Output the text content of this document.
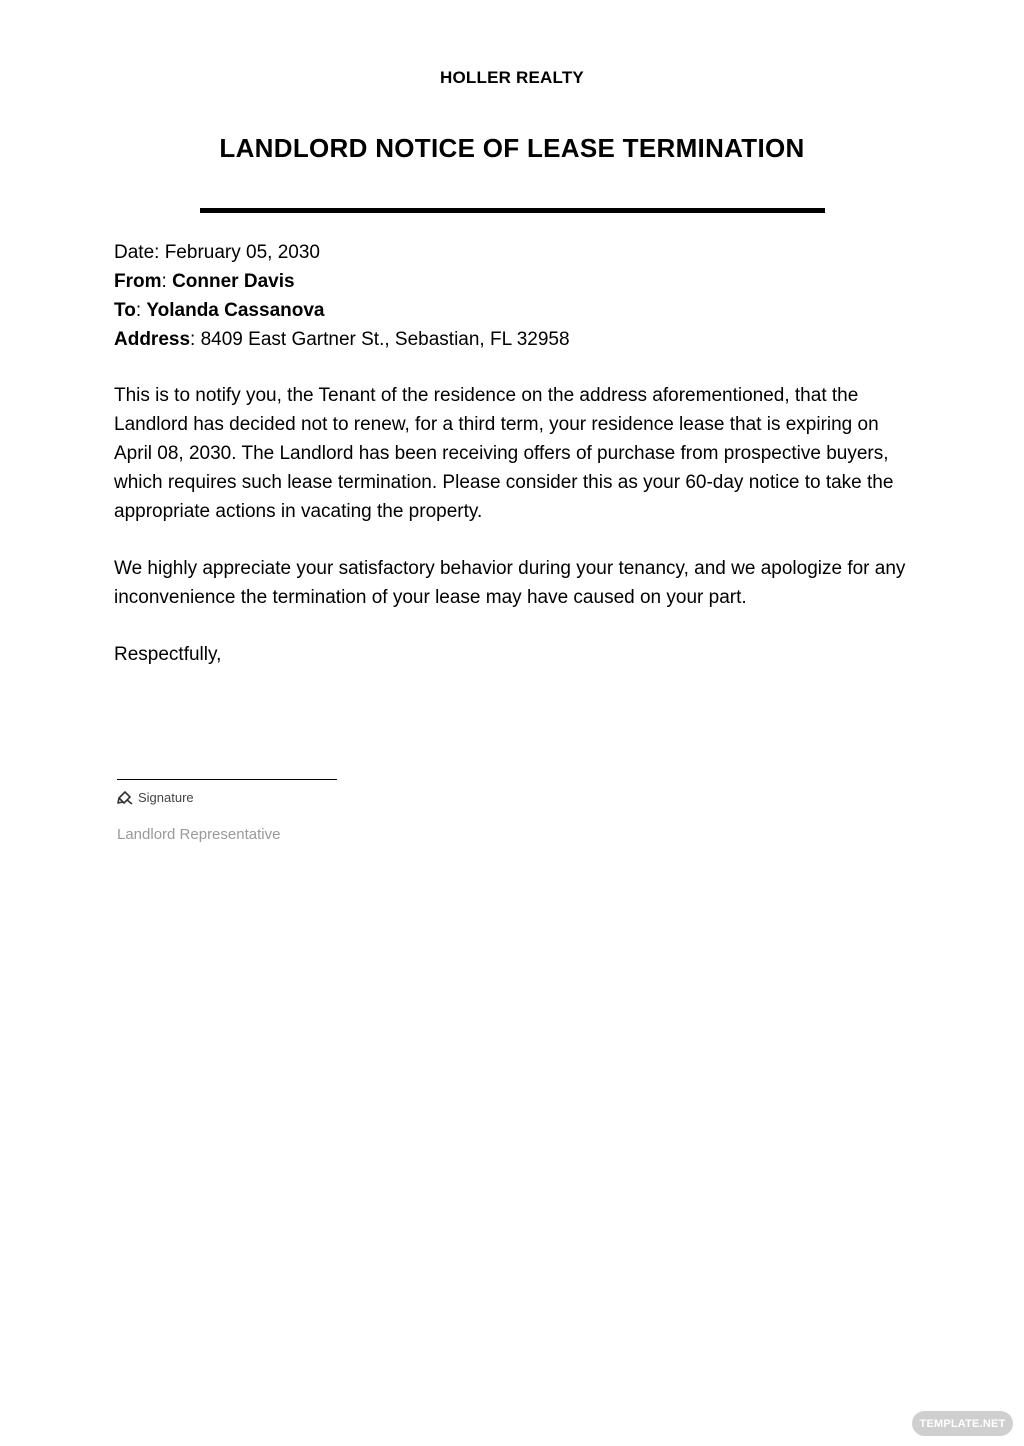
HOLLER REALTY
LANDLORD NOTICE OF LEASE TERMINATION
Date: February 05, 2030
From: Conner Davis
To: Yolanda Cassanova
Address: 8409 East Gartner St., Sebastian, FL 32958
This is to notify you, the Tenant of the residence on the address aforementioned, that the Landlord has decided not to renew, for a third term, your residence lease that is expiring on April 08, 2030. The Landlord has been receiving offers of purchase from prospective buyers, which requires such lease termination. Please consider this as your 60-day notice to take the appropriate actions in vacating the property.
We highly appreciate your satisfactory behavior during your tenancy, and we apologize for any inconvenience the termination of your lease may have caused on your part.
Respectfully,
Signature
Landlord Representative
TEMPLATE.NET
